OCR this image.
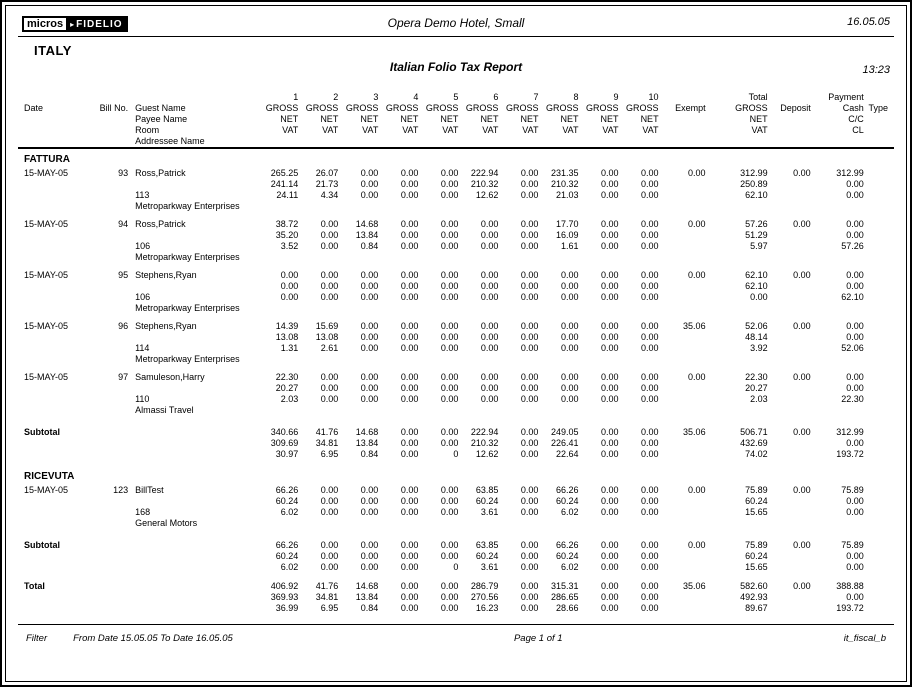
micros ▸ FIDELIO	Opera Demo Hotel, Small	16.05.05
ITALY
Italian Folio Tax Report	13:23
			1	2	3	4	5	6	7	8	9	10		Total		Payment	
Date	Bill No.	Guest Name	GROSS	GROSS	GROSS	GROSS	GROSS	GROSS	GROSS	GROSS	GROSS	GROSS	Exempt	GROSS	Deposit	Cash	Type
		Payee Name	NET	NET	NET	NET	NET	NET	NET	NET	NET	NET		NET		C/C	
		Room	VAT	VAT	VAT	VAT	VAT	VAT	VAT	VAT	VAT	VAT		VAT		CL	
		Addressee Name															
FATTURA																	
15-MAY-05	93	Ross,Patrick	265.25	26.07	0.00	0.00	0.00	222.94	0.00	231.35	0.00	0.00	0.00	312.99	0.00	312.99	
			241.14	21.73	0.00	0.00	0.00	210.32	0.00	210.32	0.00	0.00		250.89		0.00	
		113	24.11	4.34	0.00	0.00	0.00	12.62	0.00	21.03	0.00	0.00		62.10		0.00	
		Metroparkway Enterprises															

15-MAY-05	94	Ross,Patrick	38.72	0.00	14.68	0.00	0.00	0.00	0.00	17.70	0.00	0.00	0.00	57.26	0.00	0.00	
			35.20	0.00	13.84	0.00	0.00	0.00	0.00	16.09	0.00	0.00		51.29		0.00	
		106	3.52	0.00	0.84	0.00	0.00	0.00	0.00	1.61	0.00	0.00		5.97		57.26	
		Metroparkway Enterprises															

15-MAY-05	95	Stephens,Ryan	0.00	0.00	0.00	0.00	0.00	0.00	0.00	0.00	0.00	0.00	0.00	62.10	0.00	0.00	
			0.00	0.00	0.00	0.00	0.00	0.00	0.00	0.00	0.00	0.00		62.10		0.00	
		106	0.00	0.00	0.00	0.00	0.00	0.00	0.00	0.00	0.00	0.00		0.00		62.10	
		Metroparkway Enterprises															

15-MAY-05	96	Stephens,Ryan	14.39	15.69	0.00	0.00	0.00	0.00	0.00	0.00	0.00	0.00	35.06	52.06	0.00	0.00	
			13.08	13.08	0.00	0.00	0.00	0.00	0.00	0.00	0.00	0.00		48.14		0.00	
		114	1.31	2.61	0.00	0.00	0.00	0.00	0.00	0.00	0.00	0.00		3.92		52.06	
		Metroparkway Enterprises															

15-MAY-05	97	Samuleson,Harry	22.30	0.00	0.00	0.00	0.00	0.00	0.00	0.00	0.00	0.00	0.00	22.30	0.00	0.00	
			20.27	0.00	0.00	0.00	0.00	0.00	0.00	0.00	0.00	0.00		20.27		0.00	
		110	2.03	0.00	0.00	0.00	0.00	0.00	0.00	0.00	0.00	0.00		2.03		22.30	
		Almassi Travel															

Subtotal			340.66	41.76	14.68	0.00	0.00	222.94	0.00	249.05	0.00	0.00	35.06	506.71	0.00	312.99	
			309.69	34.81	13.84	0.00	0.00	210.32	0.00	226.41	0.00	0.00		432.69		0.00	
			30.97	6.95	0.84	0.00	0	12.62	0.00	22.64	0.00	0.00		74.02		193.72	

RICEVUTA																	
15-MAY-05	123	BillTest	66.26	0.00	0.00	0.00	0.00	63.85	0.00	66.26	0.00	0.00	0.00	75.89	0.00	75.89	
			60.24	0.00	0.00	0.00	0.00	60.24	0.00	60.24	0.00	0.00		60.24		0.00	
		168	6.02	0.00	0.00	0.00	0.00	3.61	0.00	6.02	0.00	0.00		15.65		0.00	
		General Motors															

Subtotal			66.26	0.00	0.00	0.00	0.00	63.85	0.00	66.26	0.00	0.00	0.00	75.89	0.00	75.89	
			60.24	0.00	0.00	0.00	0.00	60.24	0.00	60.24	0.00	0.00		60.24		0.00	
			6.02	0.00	0.00	0.00	0	3.61	0.00	6.02	0.00	0.00		15.65		0.00	

Total			406.92	41.76	14.68	0.00	0.00	286.79	0.00	315.31	0.00	0.00	35.06	582.60	0.00	388.88	
			369.93	34.81	13.84	0.00	0.00	270.56	0.00	286.65	0.00	0.00		492.93		0.00	
			36.99	6.95	0.84	0.00	0.00	16.23	0.00	28.66	0.00	0.00		89.67		193.72	

Filter	From Date 15.05.05 To Date 16.05.05	Page 1 of 1	it_fiscal_b
